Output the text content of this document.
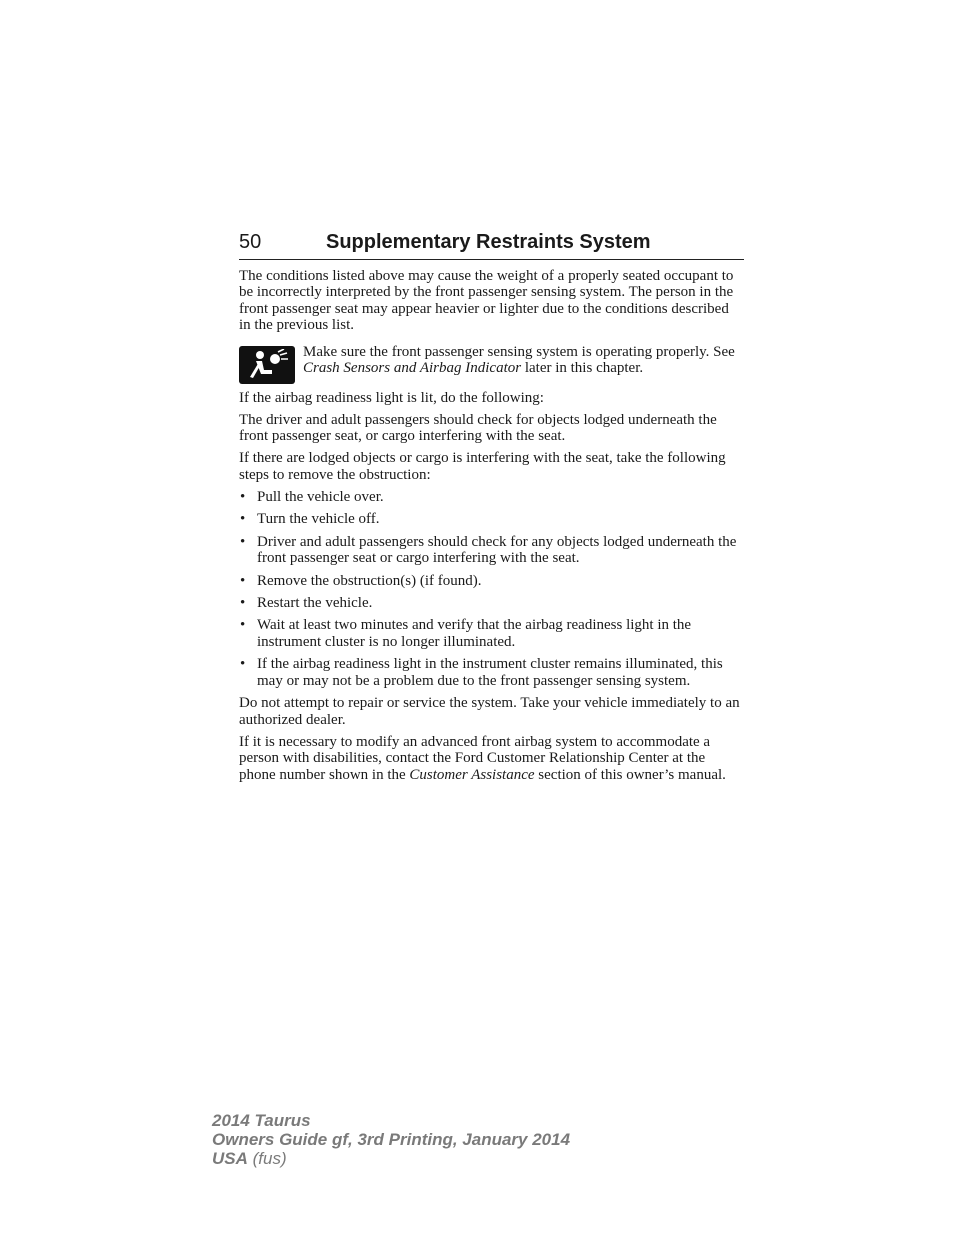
50	Supplementary Restraints System

The conditions listed above may cause the weight of a properly seated occupant to be incorrectly interpreted by the front passenger sensing system. The person in the front passenger seat may appear heavier or lighter due to the conditions described in the previous list.

Make sure the front passenger sensing system is operating properly. See Crash Sensors and Airbag Indicator later in this chapter.

If the airbag readiness light is lit, do the following:

The driver and adult passengers should check for objects lodged underneath the front passenger seat, or cargo interfering with the seat.

If there are lodged objects or cargo is interfering with the seat, take the following steps to remove the obstruction:

• Pull the vehicle over.
• Turn the vehicle off.
• Driver and adult passengers should check for any objects lodged underneath the front passenger seat or cargo interfering with the seat.
• Remove the obstruction(s) (if found).
• Restart the vehicle.
• Wait at least two minutes and verify that the airbag readiness light in the instrument cluster is no longer illuminated.
• If the airbag readiness light in the instrument cluster remains illuminated, this may or may not be a problem due to the front passenger sensing system.

Do not attempt to repair or service the system. Take your vehicle immediately to an authorized dealer.

If it is necessary to modify an advanced front airbag system to accommodate a person with disabilities, contact the Ford Customer Relationship Center at the phone number shown in the Customer Assistance section of this owner’s manual.

2014 Taurus
Owners Guide gf, 3rd Printing, January 2014
USA (fus)
